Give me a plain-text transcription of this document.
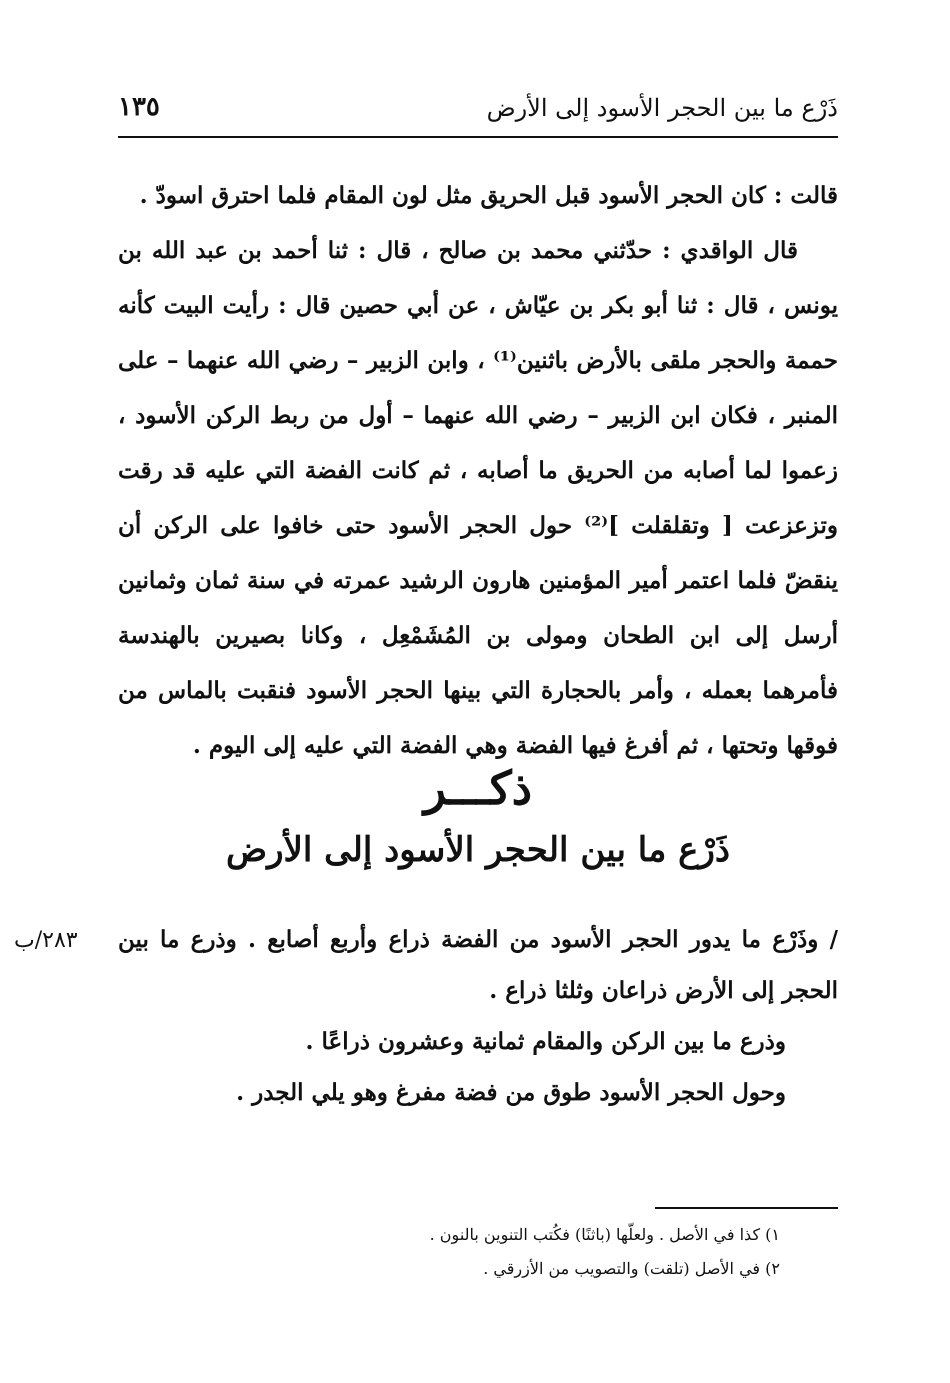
ذَرْع ما بين الحجر الأسود إلى الأرض
١٣٥

قالت : كان الحجر الأسود قبل الحريق مثل لون المقام فلما احترق اسودّ .

قال الواقدي : حدّثني محمد بن صالح ، قال : ثنا أحمد بن عبد الله بن يونس ، قال : ثنا أبو بكر بن عيّاش ، عن أبي حصين قال : رأيت البيت كأنه حممة والحجر ملقى بالأرض باثنين⁽¹⁾ ، وابن الزبير – رضي الله عنهما – على المنبر ، فكان ابن الزبير – رضي الله عنهما – أول من ربط الركن الأسود ، زعموا لما أصابه من الحريق ما أصابه ، ثم كانت الفضة التي عليه قد رقت وتزعزعت [ وتقلقلت ]⁽²⁾ حول الحجر الأسود حتى خافوا على الركن أن ينقضّ فلما اعتمر أمير المؤمنين هارون الرشيد عمرته في سنة ثمان وثمانين أرسل إلى ابن الطحان ومولى بن المُشَمْعِل ، وكانا بصيرين بالهندسة فأمرهما بعمله ، وأمر بالحجارة التي بينها الحجر الأسود فنقبت بالماس من فوقها وتحتها ، ثم أفرغ فيها الفضة وهي الفضة التي عليه إلى اليوم .

ذكـــر
ذَرْع ما بين الحجر الأسود إلى الأرض

/ وذَرْع ما يدور الحجر الأسود من الفضة ذراع وأربع أصابع . وذرع ما بين الحجر إلى الأرض ذراعان وثلثا ذراع .

وذرع ما بين الركن والمقام ثمانية وعشرون ذراعًا .

وحول الحجر الأسود طوق من فضة مفرغ وهو يلي الجدر .

٢٨٣/ب

١) كذا في الأصل . ولعلّها (باثنًا) فكُتب التنوين بالنون .

٢) في الأصل (تلقت) والتصويب من الأزرقي .
